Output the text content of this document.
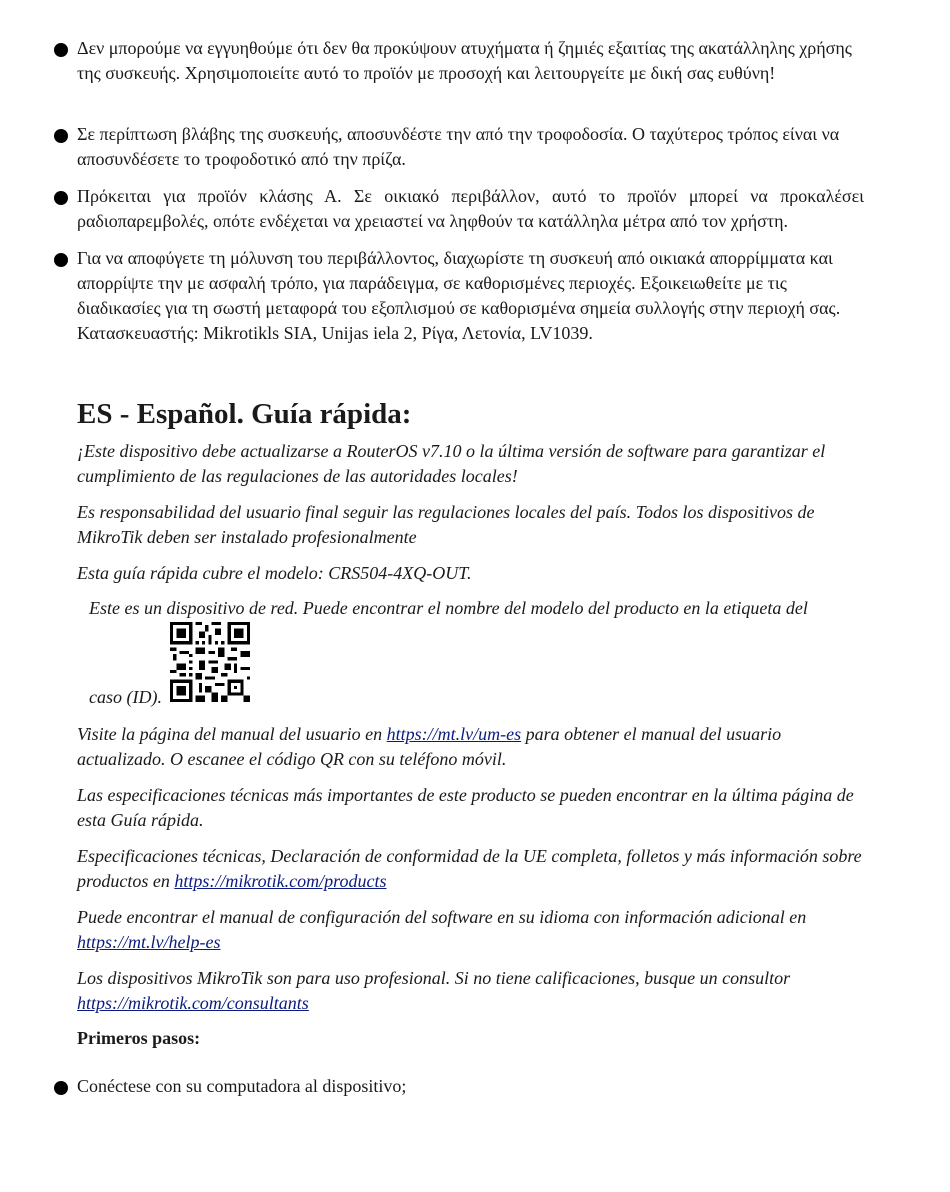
Δεν μπορούμε να εγγυηθούμε ότι δεν θα προκύψουν ατυχήματα ή ζημιές εξαιτίας της ακατάλληλης χρήσης της συσκευής. Χρησιμοποιείτε αυτό το προϊόν με προσοχή και λειτουργείτε με δική σας ευθύνη!
Σε περίπτωση βλάβης της συσκευής, αποσυνδέστε την από την τροφοδοσία. Ο ταχύτερος τρόπος είναι να αποσυνδέσετε το τροφοδοτικό από την πρίζα.
Πρόκειται για προϊόν κλάσης Α. Σε οικιακό περιβάλλον, αυτό το προϊόν μπορεί να προκαλέσει ραδιοπαρεμβολές, οπότε ενδέχεται να χρειαστεί να ληφθούν τα κατάλληλα μέτρα από τον χρήστη.
Για να αποφύγετε τη μόλυνση του περιβάλλοντος, διαχωρίστε τη συσκευή από οικιακά απορρίμματα και απορρίψτε την με ασφαλή τρόπο, για παράδειγμα, σε καθορισμένες περιοχές. Εξοικειωθείτε με τις διαδικασίες για τη σωστή μεταφορά του εξοπλισμού σε καθορισμένα σημεία συλλογής στην περιοχή σας.
Κατασκευαστής: Mikrotikls SIA, Unijas iela 2, Ρίγα, Λετονία, LV1039.
ES - Español. Guía rápida:
¡Este dispositivo debe actualizarse a RouterOS v7.10 o la última versión de software para garantizar el cumplimiento de las regulaciones de las autoridades locales!
Es responsabilidad del usuario final seguir las regulaciones locales del país. Todos los dispositivos de MikroTik deben ser instalado profesionalmente
Esta guía rápida cubre el modelo: CRS504-4XQ-OUT.
Este es un dispositivo de red. Puede encontrar el nombre del modelo del producto en la etiqueta del
caso (ID).
Visite la página del manual del usuario en https://mt.lv/um-es para obtener el manual del usuario actualizado. O escanee el código QR con su teléfono móvil.
Las especificaciones técnicas más importantes de este producto se pueden encontrar en la última página de esta Guía rápida.
Especificaciones técnicas, Declaración de conformidad de la UE completa, folletos y más información sobre productos en https://mikrotik.com/products
Puede encontrar el manual de configuración del software en su idioma con información adicional en https://mt.lv/help-es
Los dispositivos MikroTik son para uso profesional. Si no tiene calificaciones, busque un consultor https://mikrotik.com/consultants
Primeros pasos:
Conéctese con su computadora al dispositivo;
